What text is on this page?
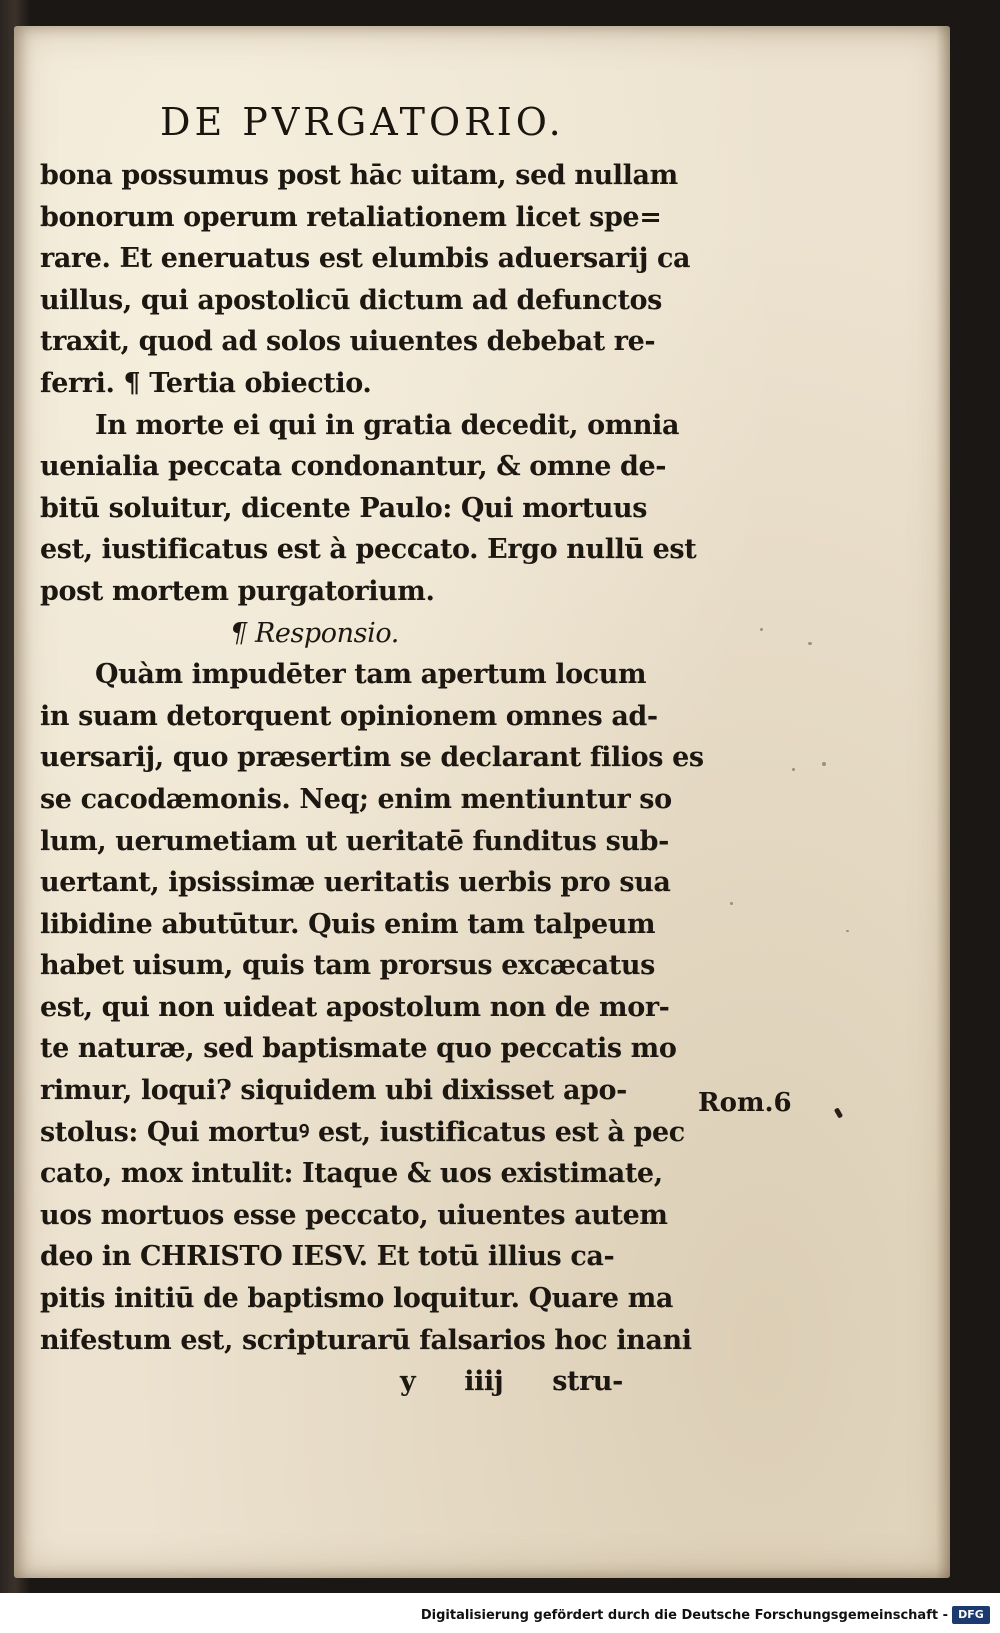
DE PVRGATORIO.
bona possumus post hāc uitam, sed nullam
bonorum operum retaliationem licet spe=
rare. Et eneruatus est elumbis aduersarij ca
uillus, qui apostolicū dictum ad defunctos
traxit, quod ad solos uiuentes debebat re-
ferri. ¶ Tertia obiectio.
In morte ei qui in gratia decedit, omnia
uenialia peccata condonantur, & omne de-
bitū soluitur, dicente Paulo: Qui mortuus
est, iustificatus est à peccato. Ergo nullū est
post mortem purgatorium.
¶ Responsio.
Quàm impudēter tam apertum locum
in suam detorquent opinionem omnes ad-
uersarij, quo præsertim se declarant filios es
se cacodæmonis. Neq; enim mentiuntur so
lum, uerumetiam ut ueritatē funditus sub-
uertant, ipsissimæ ueritatis uerbis pro sua
libidine abutūtur. Quis enim tam talpeum
habet uisum, quis tam prorsus excæcatus
est, qui non uideat apostolum non de mor-
te naturæ, sed baptismate quo peccatis mo
rimur, loqui? siquidem ubi dixisset apo-
stolus: Qui mortuꝰ est, iustificatus est à pec
cato, mox intulit: Itaque & uos existimate,
uos mortuos esse peccato, uiuentes autem
deo in CHRISTO IESV. Et totū illius ca-
pitis initiū de baptismo loquitur. Quare ma
nifestum est, scripturarū falsarios hoc inani
y iiij stru-
Rom.6
Digitalisierung gefördert durch die Deutsche Forschungsgemeinschaft - DFG
